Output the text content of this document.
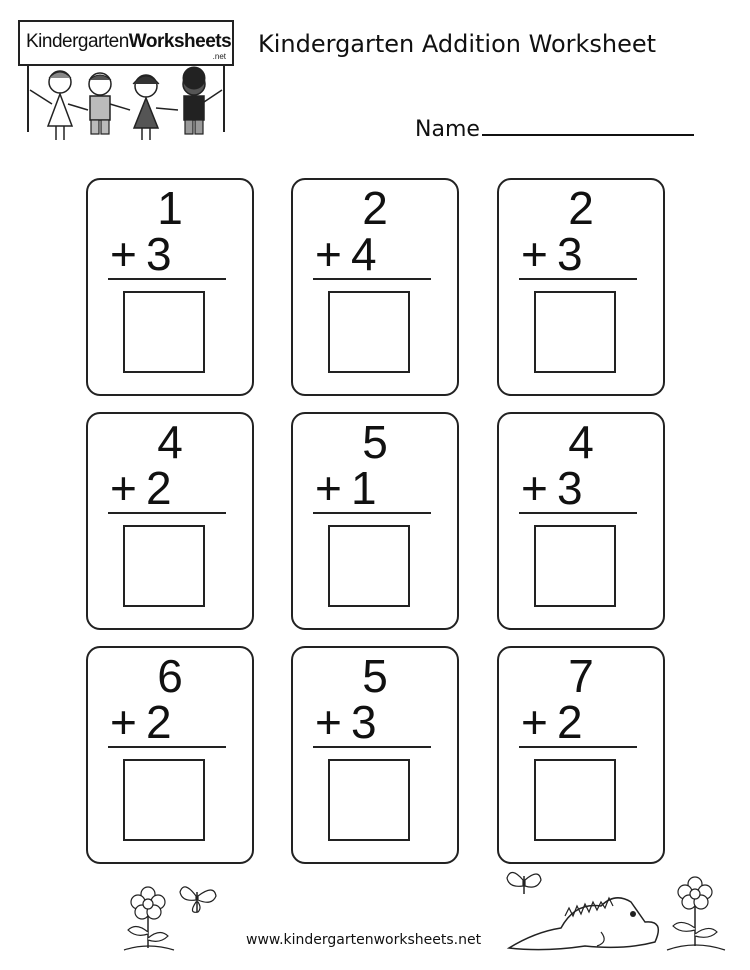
KindergartenWorksheets
.net Kindergarten Addition Worksheet
Name
1
+ 3
2
+ 4
2
+ 3
4
+ 2
5
+ 1
4
+ 3
6
+ 2
5
+ 3
7
+ 2
www.kindergartenworksheets.net
